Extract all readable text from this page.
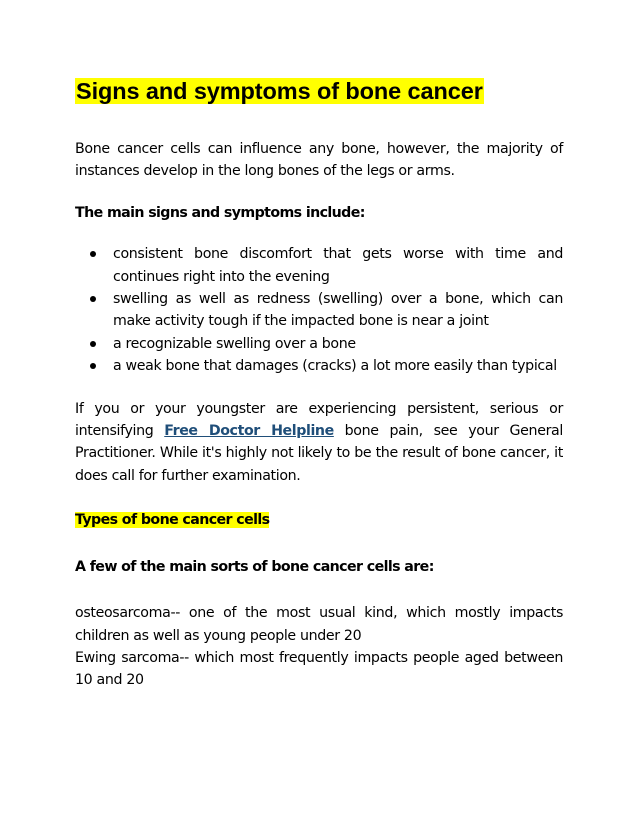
Signs and symptoms of bone cancer

Bone cancer cells can influence any bone, however, the majority of instances develop in the long bones of the legs or arms.

The main signs and symptoms include:
consistent bone discomfort that gets worse with time and continues right into the evening
swelling as well as redness (swelling) over a bone, which can make activity tough if the impacted bone is near a joint
a recognizable swelling over a bone
a weak bone that damages (cracks) a lot more easily than typical

If you or your youngster are experiencing persistent, serious or intensifying Free Doctor Helpline bone pain, see your General Practitioner. While it's highly not likely to be the result of bone cancer, it does call for further examination.

Types of bone cancer cells
A few of the main sorts of bone cancer cells are:

osteosarcoma-- one of the most usual kind, which mostly impacts children as well as young people under 20

Ewing sarcoma-- which most frequently impacts people aged between 10 and 20
